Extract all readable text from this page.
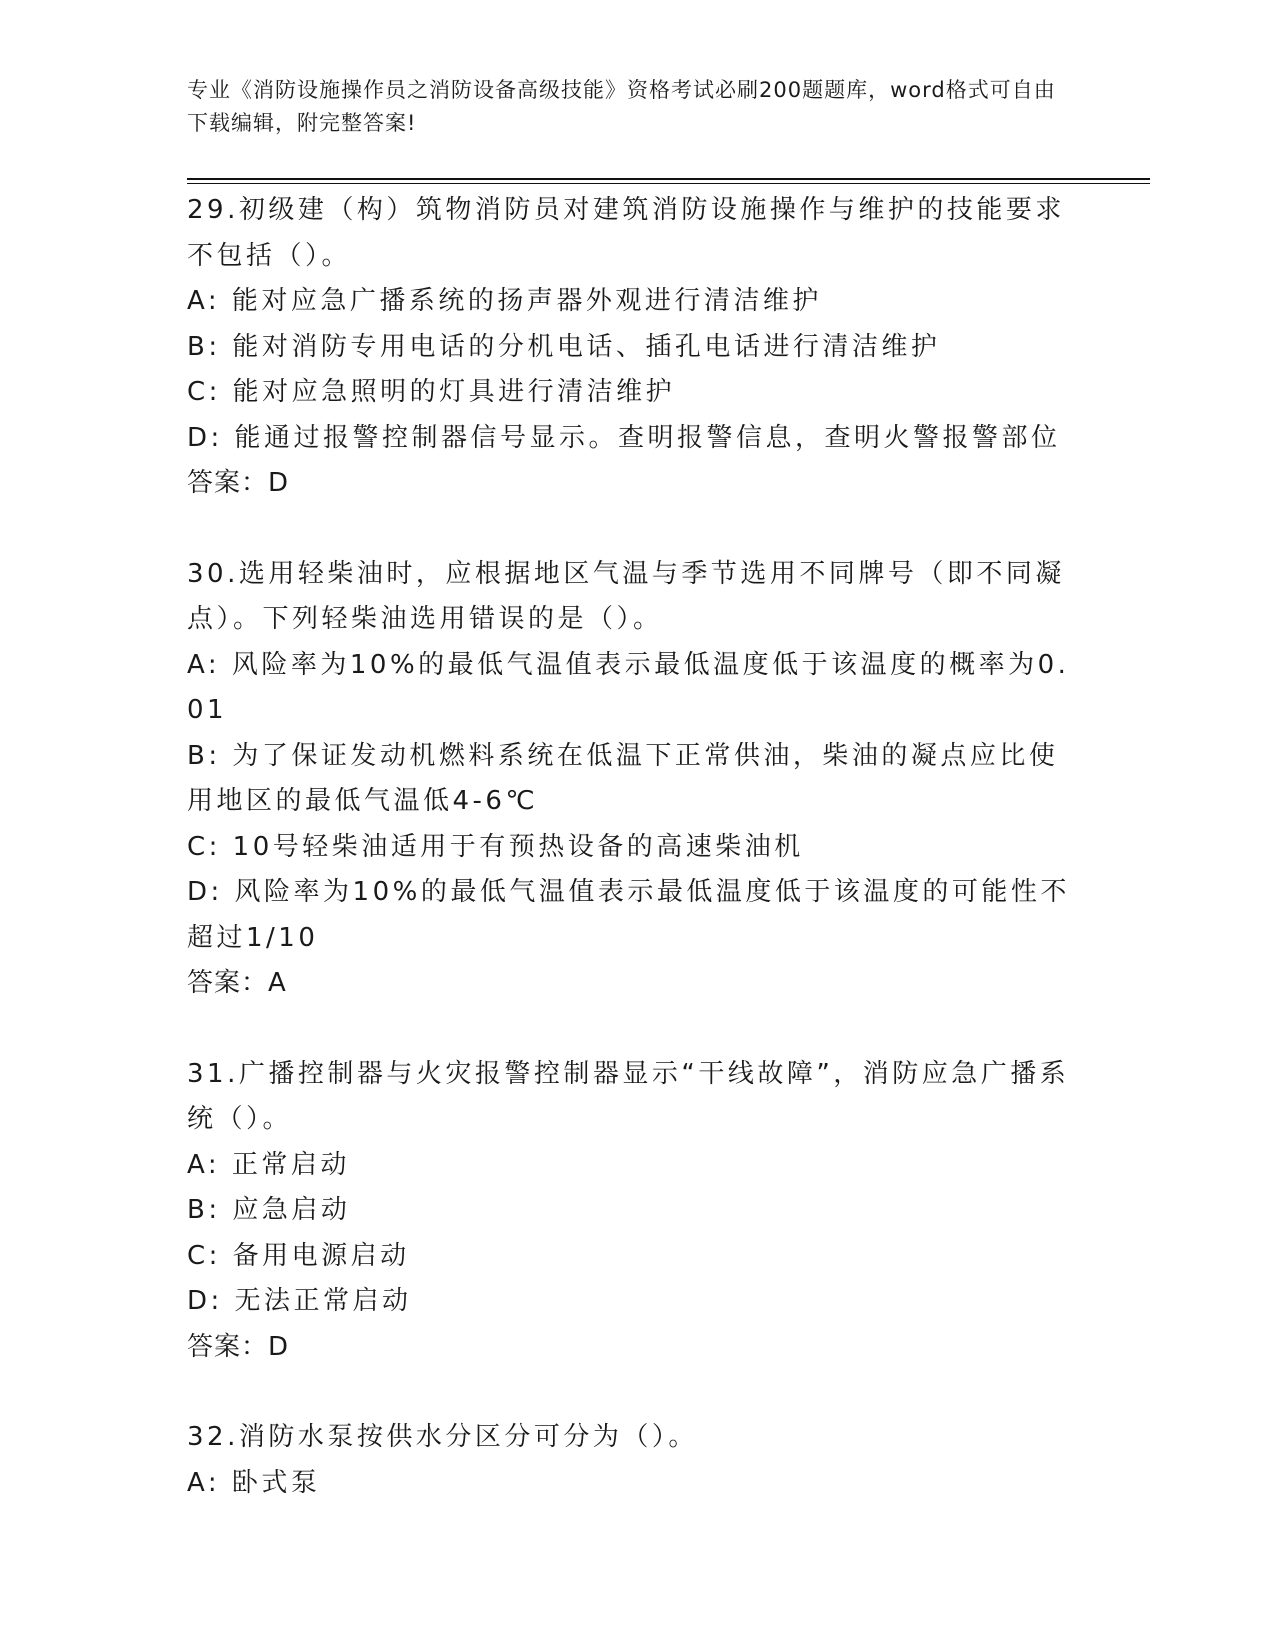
专业《消防设施操作员之消防设备高级技能》资格考试必刷200题题库，word格式可自由下载编辑，附完整答案!
29.初级建（构）筑物消防员对建筑消防设施操作与维护的技能要求不包括（）。
A: 能对应急广播系统的扬声器外观进行清洁维护
B: 能对消防专用电话的分机电话、插孔电话进行清洁维护
C: 能对应急照明的灯具进行清洁维护
D: 能通过报警控制器信号显示。查明报警信息，查明火警报警部位
答案：D
30.选用轻柴油时，应根据地区气温与季节选用不同牌号（即不同凝点）。下列轻柴油选用错误的是（）。
A: 风险率为10%的最低气温值表示最低温度低于该温度的概率为0.01
B: 为了保证发动机燃料系统在低温下正常供油，柴油的凝点应比使用地区的最低气温低4-6℃
C: 10号轻柴油适用于有预热设备的高速柴油机
D: 风险率为10%的最低气温值表示最低温度低于该温度的可能性不超过1/10
答案：A
31.广播控制器与火灾报警控制器显示“干线故障”，消防应急广播系统（）。
A: 正常启动
B: 应急启动
C: 备用电源启动
D: 无法正常启动
答案：D
32.消防水泵按供水分区分可分为（）。
A: 卧式泵
